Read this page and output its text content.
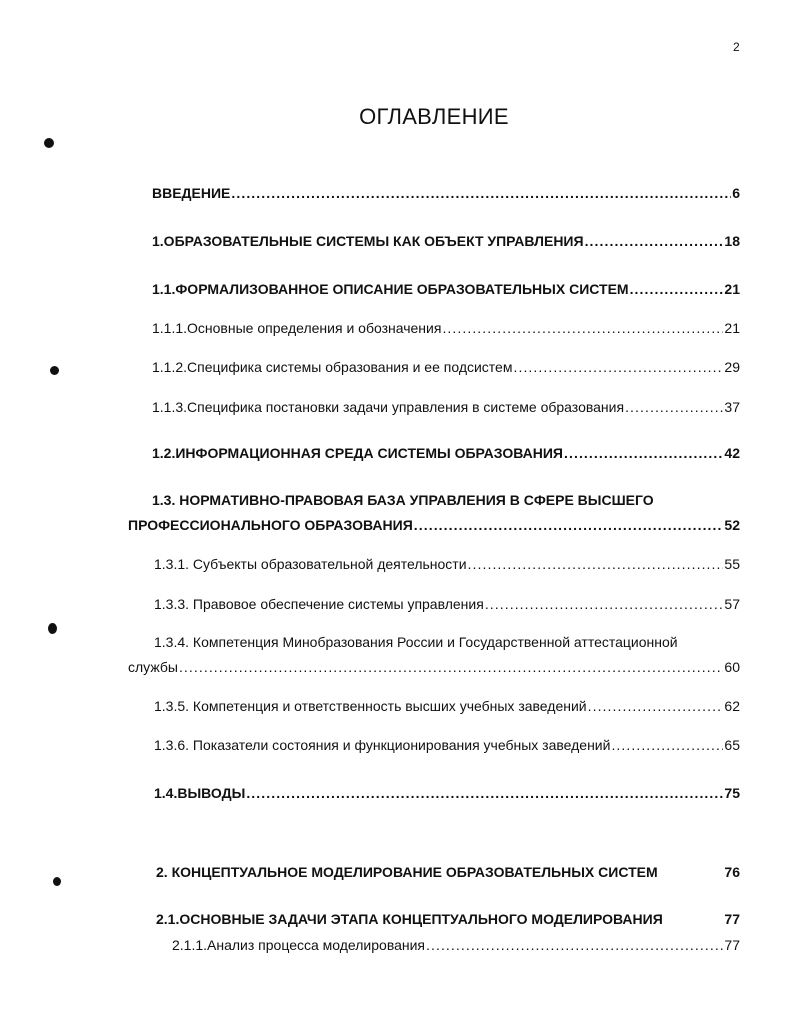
2
ОГЛАВЛЕНИЕ
ВВЕДЕНИЕ . . .	6
1.ОБРАЗОВАТЕЛЬНЫЕ СИСТЕМЫ КАК ОБЪЕКТ УПРАВЛЕНИЯ . . .	18
1.1.ФОРМАЛИЗОВАННОЕ ОПИСАНИЕ ОБРАЗОВАТЕЛЬНЫХ СИСТЕМ . . .	21
1.1.1.Основные определения и обозначения . . .	21
1.1.2.Специфика системы образования и ее подсистем . . .	29
1.1.3.Специфика постановки задачи управления в системе образования . . .	37
1.2.ИНФОРМАЦИОННАЯ СРЕДА СИСТЕМЫ ОБРАЗОВАНИЯ . . .	42
1.3. НОРМАТИВНО-ПРАВОВАЯ БАЗА УПРАВЛЕНИЯ В СФЕРЕ ВЫСШЕГО
ПРОФЕССИОНАЛЬНОГО ОБРАЗОВАНИЯ . . .	52
1.3.1. Субъекты образовательной деятельности . . .	55
1.3.3. Правовое обеспечение системы управления . . .	57
1.3.4. Компетенция Минобразования России и Государственной аттестационной
службы . . .	60
1.3.5. Компетенция и ответственность высших учебных заведений . . .	62
1.3.6. Показатели состояния и функционирования учебных заведений . . .	65
1.4.ВЫВОДЫ . . .	75
2. КОНЦЕПТУАЛЬНОЕ МОДЕЛИРОВАНИЕ ОБРАЗОВАТЕЛЬНЫХ СИСТЕМ	76
2.1.ОСНОВНЫЕ ЗАДАЧИ ЭТАПА КОНЦЕПТУАЛЬНОГО МОДЕЛИРОВАНИЯ	77
2.1.1.Анализ процесса моделирования . . .	77
